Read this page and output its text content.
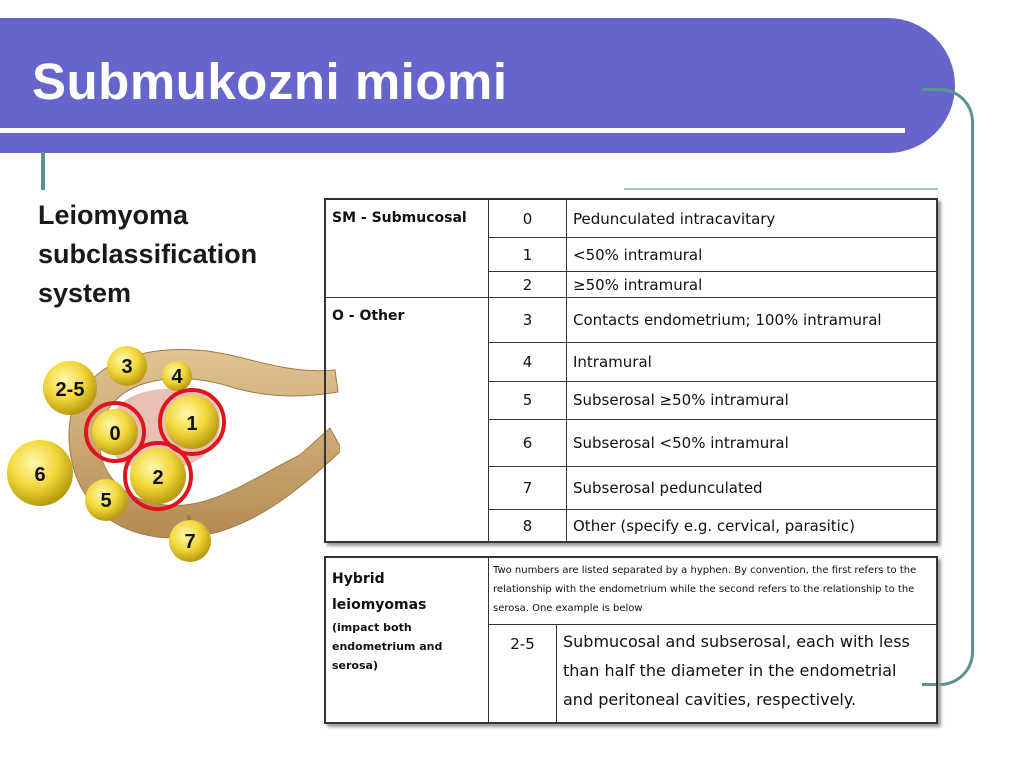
Submukozni miomi

Leiomyoma subclassification system

2-5
3 4
0	1
6	2
5
7
SM - Submucosal	0	Pedunculated intracavitary
	1	<50% intramural
	2	≥50% intramural
O - Other	3	Contacts endometrium; 100% intramural
	4	Intramural
	5	Subserosal ≥50% intramural
	6	Subserosal <50% intramural
	7	Subserosal pedunculated
	8	Other (specify e.g. cervical, parasitic)
Hybrid
leiomyomas
(impact both endometrium and serosa)	Two numbers are listed separated by a hyphen. By convention, the first refers to the relationship with the endometrium while the second refers to the relationship to the serosa. One example is below	
	2-5	Submucosal and subserosal, each with less than half the diameter in the endometrial and peritoneal cavities, respectively.
